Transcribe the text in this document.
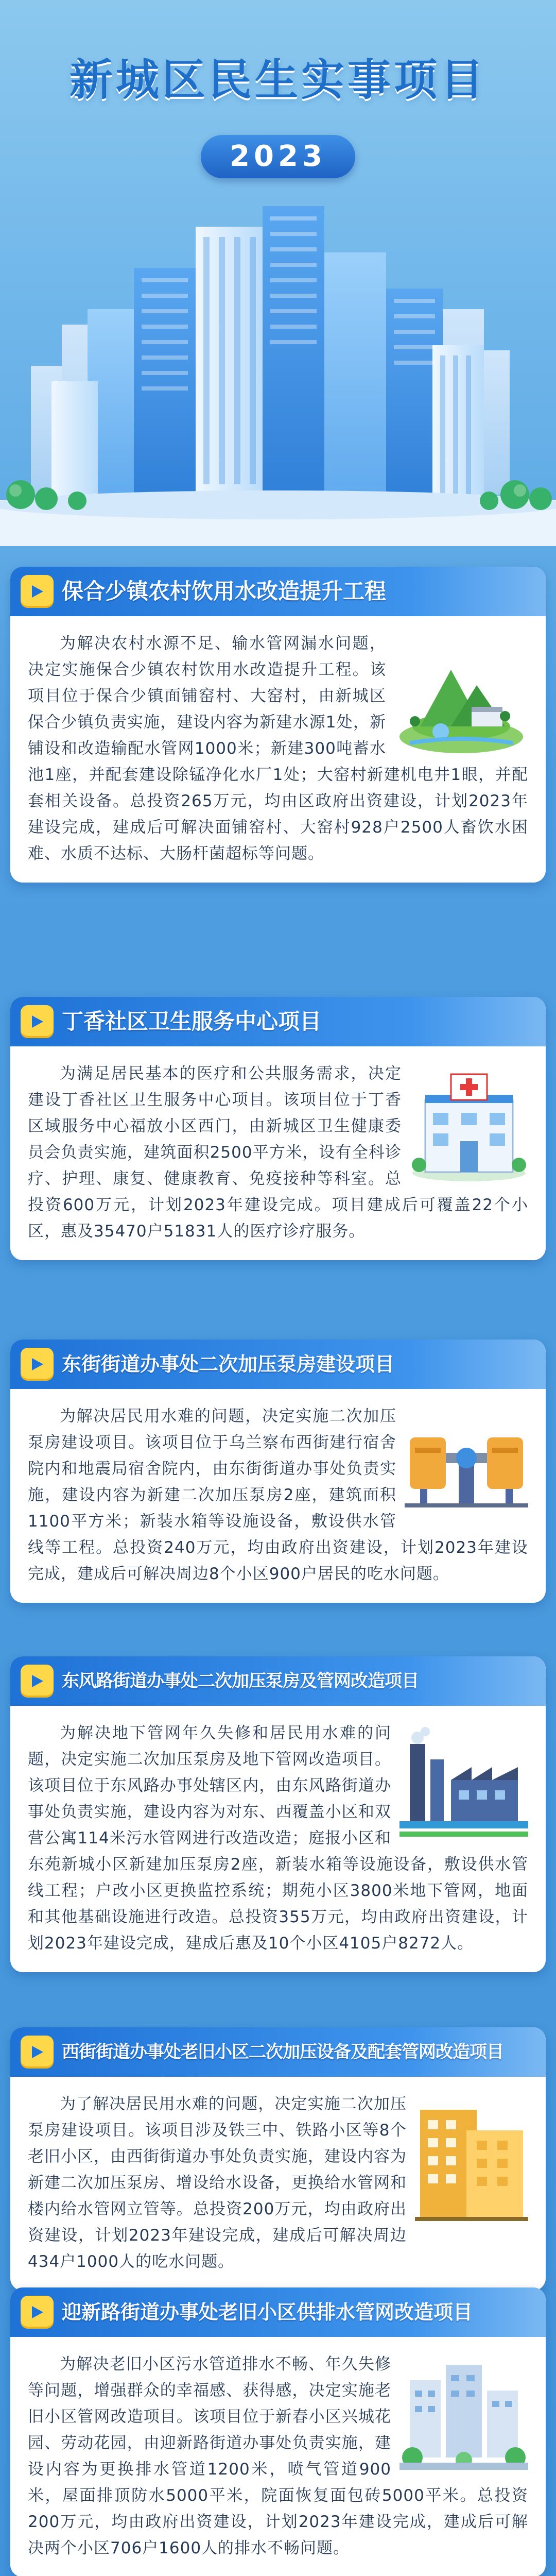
新城区民生实事项目
2023
保合少镇农村饮用水改造提升工程

为解决农村水源不足、输水管网漏水问题，决定实施保合少镇农村饮用水改造提升工程。该项目位于保合少镇面铺窑村、大窑村，由新城区保合少镇负责实施，建设内容为新建水源1处，新铺设和改造输配水管网1000米；新建300吨蓄水池1座，并配套建设除锰净化水厂1处；大窑村新建机电井1眼，并配套相关设备。总投资265万元，均由区政府出资建设，计划2023年建设完成，建成后可解决面铺窑村、大窑村928户2500人畜饮水困难、水质不达标、大肠杆菌超标等问题。

丁香社区卫生服务中心项目

为满足居民基本的医疗和公共服务需求，决定建设丁香社区卫生服务中心项目。该项目位于丁香区域服务中心福放小区西门，由新城区卫生健康委员会负责实施，建筑面积2500平方米，设有全科诊疗、护理、康复、健康教育、免疫接种等科室。总投资600万元，计划2023年建设完成。项目建成后可覆盖22个小区，惠及35470户51831人的医疗诊疗服务。

东街街道办事处二次加压泵房建设项目

为解决居民用水难的问题，决定实施二次加压泵房建设项目。该项目位于乌兰察布西街建行宿舍院内和地震局宿舍院内，由东街街道办事处负责实施，建设内容为新建二次加压泵房2座，建筑面积1100平方米；新装水箱等设施设备，敷设供水管线等工程。总投资240万元，均由政府出资建设，计划2023年建设完成，建成后可解决周边8个小区900户居民的吃水问题。

东风路街道办事处二次加压泵房及管网改造项目

为解决地下管网年久失修和居民用水难的问题，决定实施二次加压泵房及地下管网改造项目。该项目位于东风路办事处辖区内，由东风路街道办事处负责实施，建设内容为对东、西覆盖小区和双营公寓114米污水管网进行改造改造；庭报小区和东苑新城小区新建加压泵房2座，新装水箱等设施设备，敷设供水管线工程；户改小区更换监控系统；期苑小区3800米地下管网，地面和其他基础设施进行改造。总投资355万元，均由政府出资建设，计划2023年建设完成，建成后惠及10个小区4105户8272人。

西街街道办事处老旧小区二次加压设备及配套管网改造项目

为了解决居民用水难的问题，决定实施二次加压泵房建设项目。该项目涉及铁三中、铁路小区等8个老旧小区，由西街街道办事处负责实施，建设内容为新建二次加压泵房、增设给水设备，更换给水管网和楼内给水管网立管等。总投资200万元，均由政府出资建设，计划2023年建设完成，建成后可解决周边434户1000人的吃水问题。

迎新路街道办事处老旧小区供排水管网改造项目

为解决老旧小区污水管道排水不畅、年久失修等问题，增强群众的幸福感、获得感，决定实施老旧小区管网改造项目。该项目位于新春小区兴城花园、劳动花园，由迎新路街道办事处负责实施，建设内容为更换排水管道1200米，喷气管道900米，屋面排顶防水5000平米，院面恢复面包砖5000平米。总投资200万元，均由政府出资建设，计划2023年建设完成，建成后可解决两个小区706户1600人的排水不畅问题。
